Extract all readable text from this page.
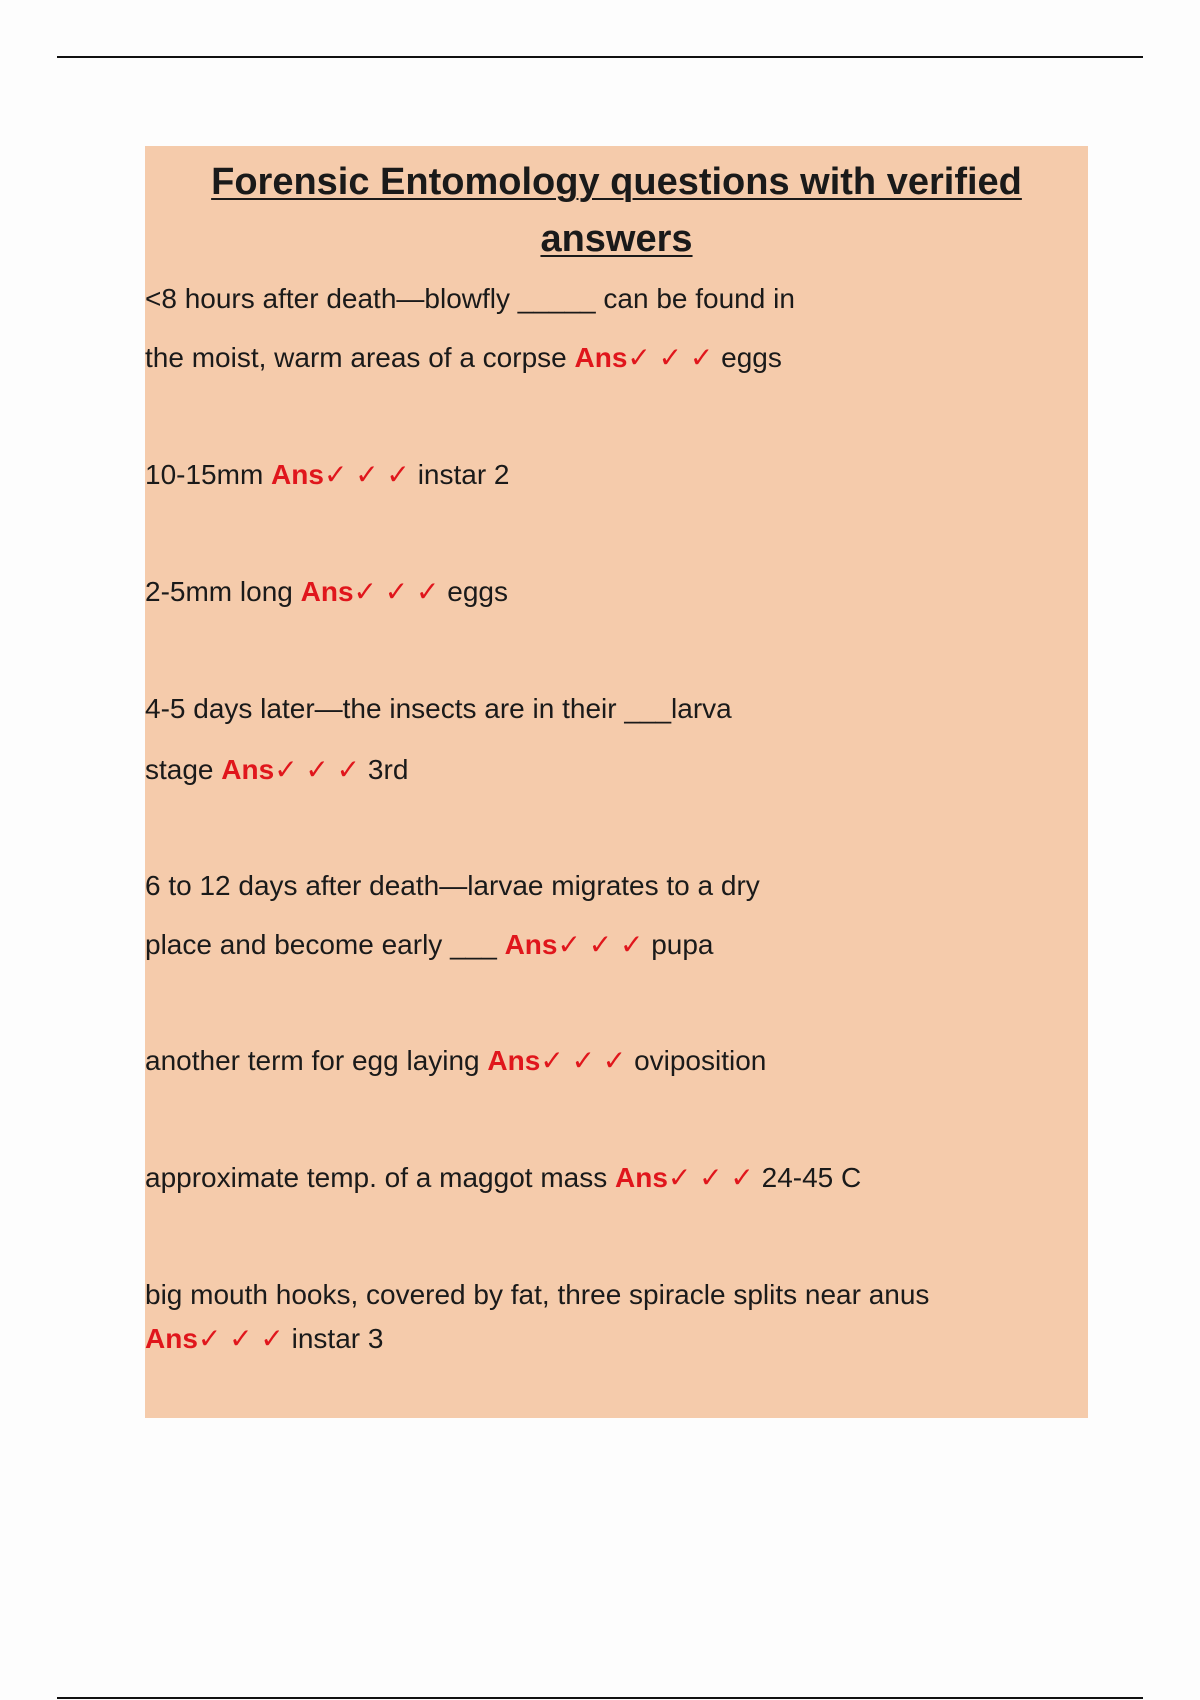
Forensic Entomology questions with verified
answers
<8 hours after death—blowfly _____ can be found in
the moist, warm areas of a corpse Ans✓ ✓ ✓ eggs
10-15mm Ans✓ ✓ ✓ instar 2
2-5mm long Ans✓ ✓ ✓ eggs
4-5 days later—the insects are in their ___larva
stage Ans✓ ✓ ✓ 3rd
6 to 12 days after death—larvae migrates to a dry
place and become early ___ Ans✓ ✓ ✓ pupa
another term for egg laying Ans✓ ✓ ✓ oviposition
approximate temp. of a maggot mass Ans✓ ✓ ✓ 24-45 C
big mouth hooks, covered by fat, three spiracle splits near anus
Ans✓ ✓ ✓ instar 3
